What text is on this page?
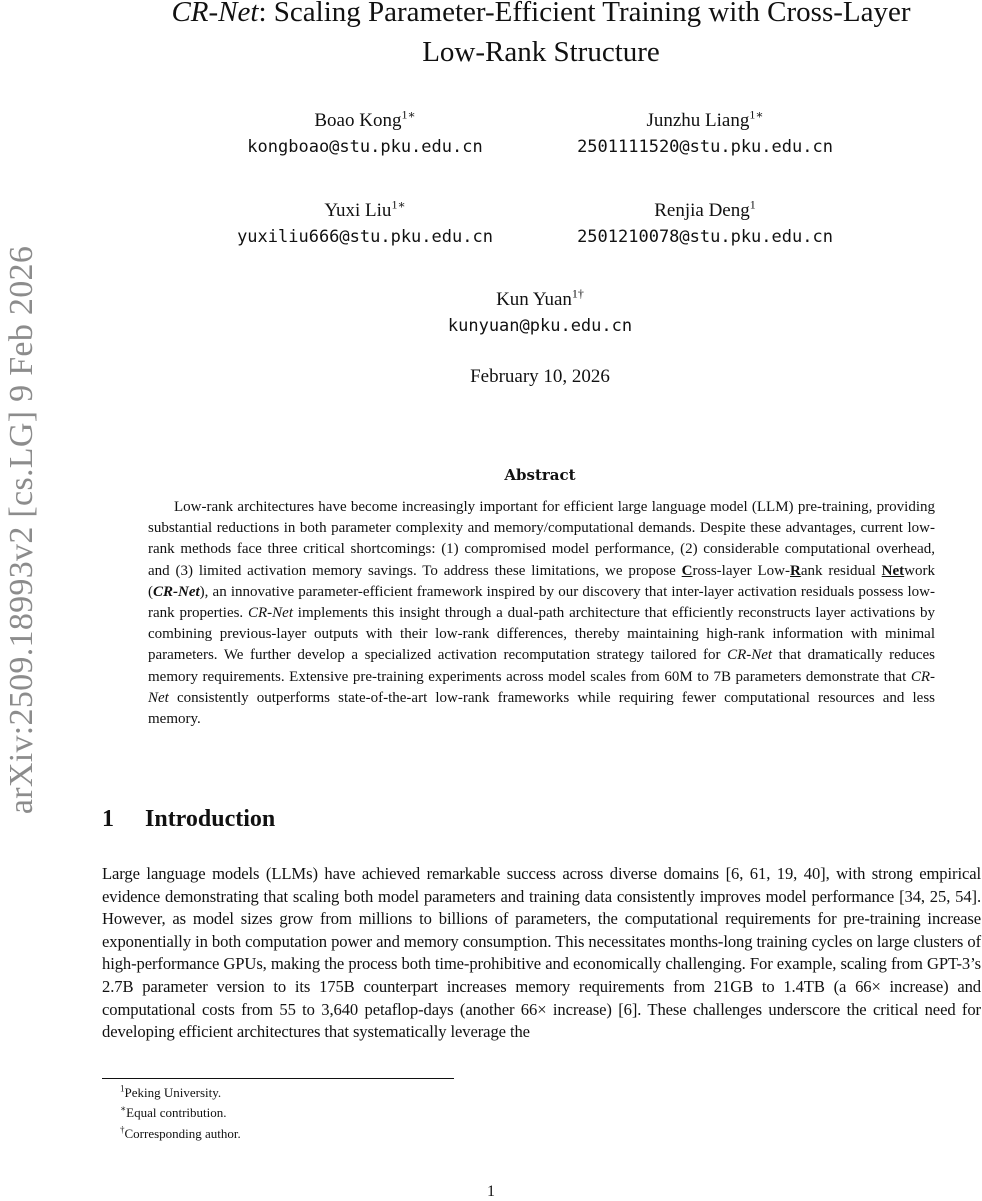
arXiv:2509.18993v2 [cs.LG] 9 Feb 2026
CR-Net: Scaling Parameter-Efficient Training with Cross-Layer
Low-Rank Structure
Boao Kong$^{1∗}$
kongboao@stu.pku.edu.cn
Junzhu Liang$^{1∗}$
2501111520@stu.pku.edu.cn
Yuxi Liu$^{1∗}$
yuxiliu666@stu.pku.edu.cn
Renjia Deng$^1$
2501210078@stu.pku.edu.cn
Kun Yuan$^{1\dagger}$
kunyuan@pku.edu.cn
February 10, 2026
Abstract

Low-rank architectures have become increasingly important for efficient large language model (LLM) pre-training, providing substantial reductions in both parameter complexity and memory/computational demands. Despite these advantages, current low-rank methods face three critical shortcomings: (1) compromised model performance, (2) considerable computational overhead, and (3) limited activation memory savings. To address these limitations, we propose Cross-layer Low-Rank residual Network (CR-Net), an innovative parameter-efficient framework inspired by our discovery that inter-layer activation residuals possess low-rank properties. CR-Net implements this insight through a dual-path architecture that efficiently reconstructs layer activations by combining previous-layer outputs with their low-rank differences, thereby maintaining high-rank information with minimal parameters. We further develop a specialized activation recomputation strategy tailored for CR-Net that dramatically reduces memory requirements. Extensive pre-training experiments across model scales from 60M to 7B parameters demonstrate that CR-Net consistently outperforms state-of-the-art low-rank frameworks while requiring fewer computational resources and less memory.

1 Introduction

Large language models (LLMs) have achieved remarkable success across diverse domains [6, 61, 19, 40], with strong empirical evidence demonstrating that scaling both model parameters and training data consistently improves model performance [34, 25, 54]. However, as model sizes grow from millions to billions of parameters, the computational requirements for pre-training increase exponentially in both computation power and memory consumption. This necessitates months-long training cycles on large clusters of high-performance GPUs, making the process both time-prohibitive and economically challenging. For example, scaling from GPT-3’s 2.7B parameter version to its 175B counterpart increases memory requirements from 21GB to 1.4TB (a 66× increase) and computational costs from 55 to 3,640 petaflop-days (another 66× increase) [6]. These challenges underscore the critical need for developing efficient architectures that systematically leverage the

$^1$Peking University.
∗Equal contribution.
†Corresponding author.
1
